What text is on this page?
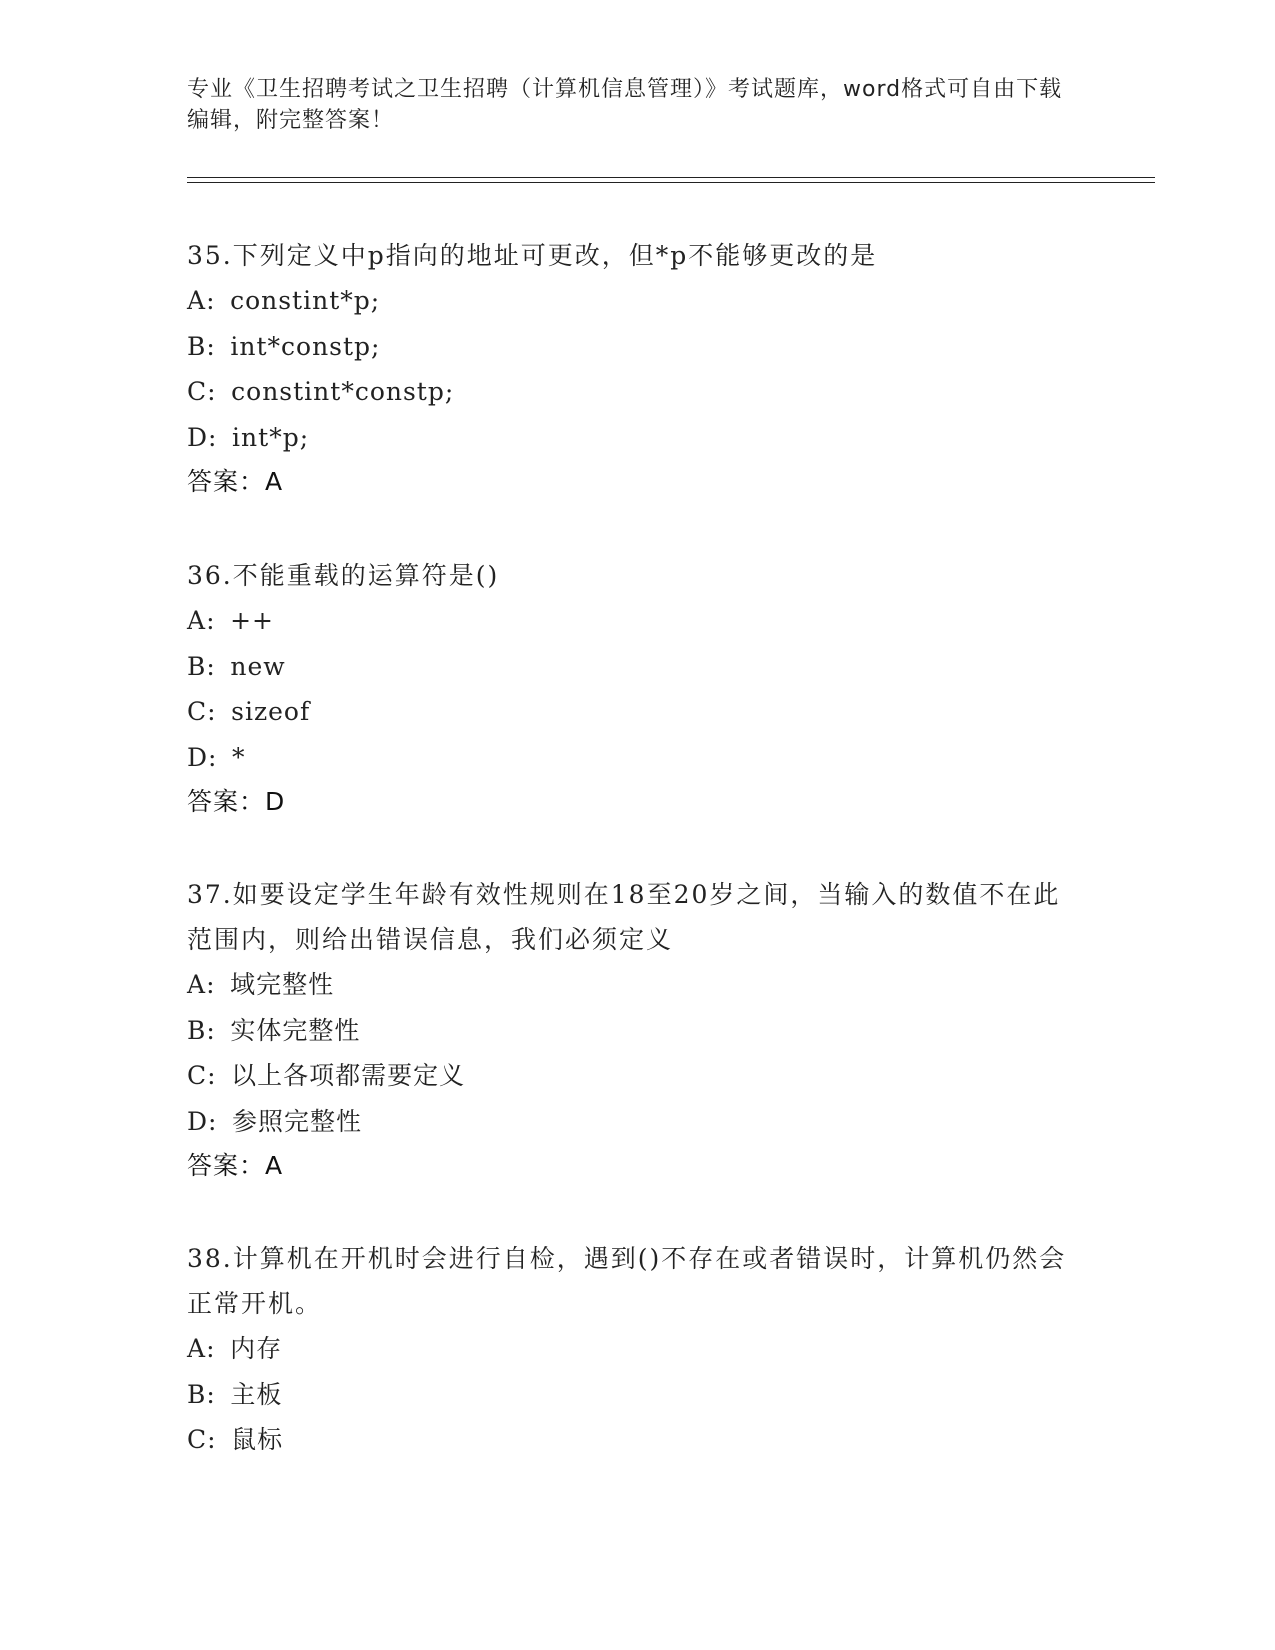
专业《卫生招聘考试之卫生招聘（计算机信息管理）》考试题库，word格式可自由下载编辑，附完整答案！

35.下列定义中p指向的地址可更改，但*p不能够更改的是

A: constint*p;

B: int*constp;

C: constint*constp;

D: int*p;

答案：A

36.不能重载的运算符是()

A: ++

B: new

C: sizeof

D: *

答案：D

37.如要设定学生年龄有效性规则在18至20岁之间，当输入的数值不在此范围内，则给出错误信息，我们必须定义

A: 域完整性

B: 实体完整性

C: 以上各项都需要定义

D: 参照完整性

答案：A

38.计算机在开机时会进行自检，遇到()不存在或者错误时，计算机仍然会正常开机。

A: 内存

B: 主板

C: 鼠标
